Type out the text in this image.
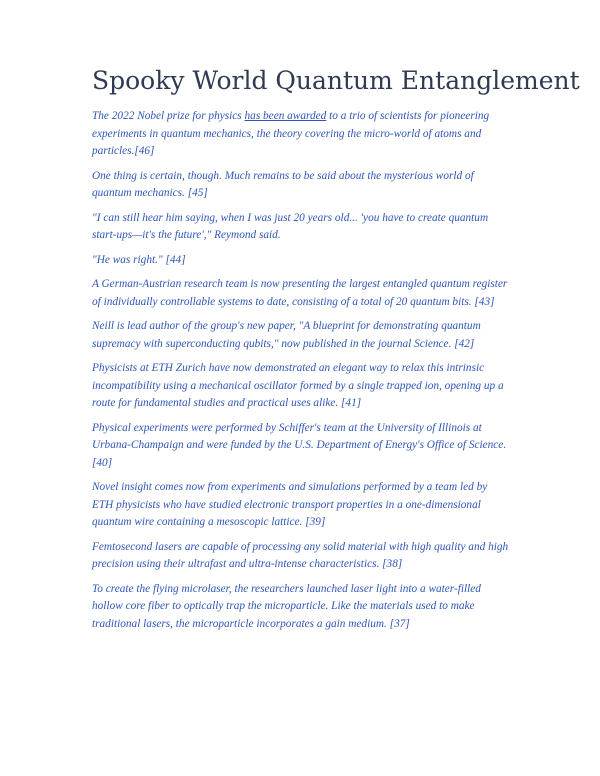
Spooky World Quantum Entanglement

The 2022 Nobel prize for physics has been awarded to a trio of scientists for pioneering experiments in quantum mechanics, the theory covering the micro-world of atoms and particles.[46]

One thing is certain, though. Much remains to be said about the mysterious world of quantum mechanics. [45]

"I can still hear him saying, when I was just 20 years old... 'you have to create quantum start-ups—it's the future'," Reymond said.

"He was right." [44]

A German-Austrian research team is now presenting the largest entangled quantum register of individually controllable systems to date, consisting of a total of 20 quantum bits. [43]

Neill is lead author of the group's new paper, "A blueprint for demonstrating quantum supremacy with superconducting qubits," now published in the journal Science. [42]

Physicists at ETH Zurich have now demonstrated an elegant way to relax this intrinsic incompatibility using a mechanical oscillator formed by a single trapped ion, opening up a route for fundamental studies and practical uses alike. [41]

Physical experiments were performed by Schiffer's team at the University of Illinois at Urbana-Champaign and were funded by the U.S. Department of Energy's Office of Science. [40]

Novel insight comes now from experiments and simulations performed by a team led by ETH physicists who have studied electronic transport properties in a one-dimensional quantum wire containing a mesoscopic lattice. [39]

Femtosecond lasers are capable of processing any solid material with high quality and high precision using their ultrafast and ultra-intense characteristics. [38]

To create the flying microlaser, the researchers launched laser light into a water-filled hollow core fiber to optically trap the microparticle. Like the materials used to make traditional lasers, the microparticle incorporates a gain medium. [37]
